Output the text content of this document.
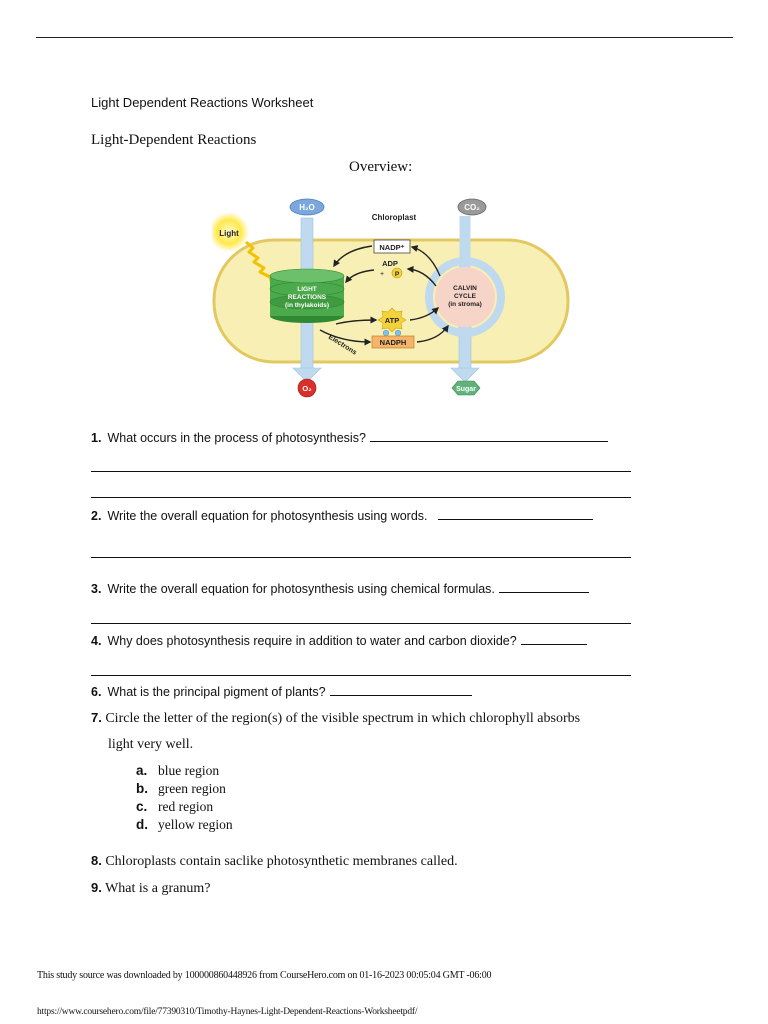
Light Dependent Reactions Worksheet
Light-Dependent Reactions
Overview:
Light
H₂O	CO₂
Chloroplast
LIGHT
REACTIONS
(in thylakoids)
CALVIN
CYCLE
(in stroma)
NADP⁺
ADP
+ P
ATP
NADPH
Electrons
O₂	Sugar
1. What occurs in the process of photosynthesis?
2. Write the overall equation for photosynthesis using words.
3. Write the overall equation for photosynthesis using chemical formulas.
4. Why does photosynthesis require in addition to water and carbon dioxide?
6. What is the principal pigment of plants?
7. Circle the letter of the region(s) of the visible spectrum in which chlorophyll absorbs
light very well.
a. blue region
b. green region
c. red region
d. yellow region
8. Chloroplasts contain saclike photosynthetic membranes called.
9. What is a granum?
This study source was downloaded by 100000860448926 from CourseHero.com on 01-16-2023 00:05:04 GMT -06:00
https://www.coursehero.com/file/77390310/Timothy-Haynes-Light-Dependent-Reactions-Worksheetpdf/
